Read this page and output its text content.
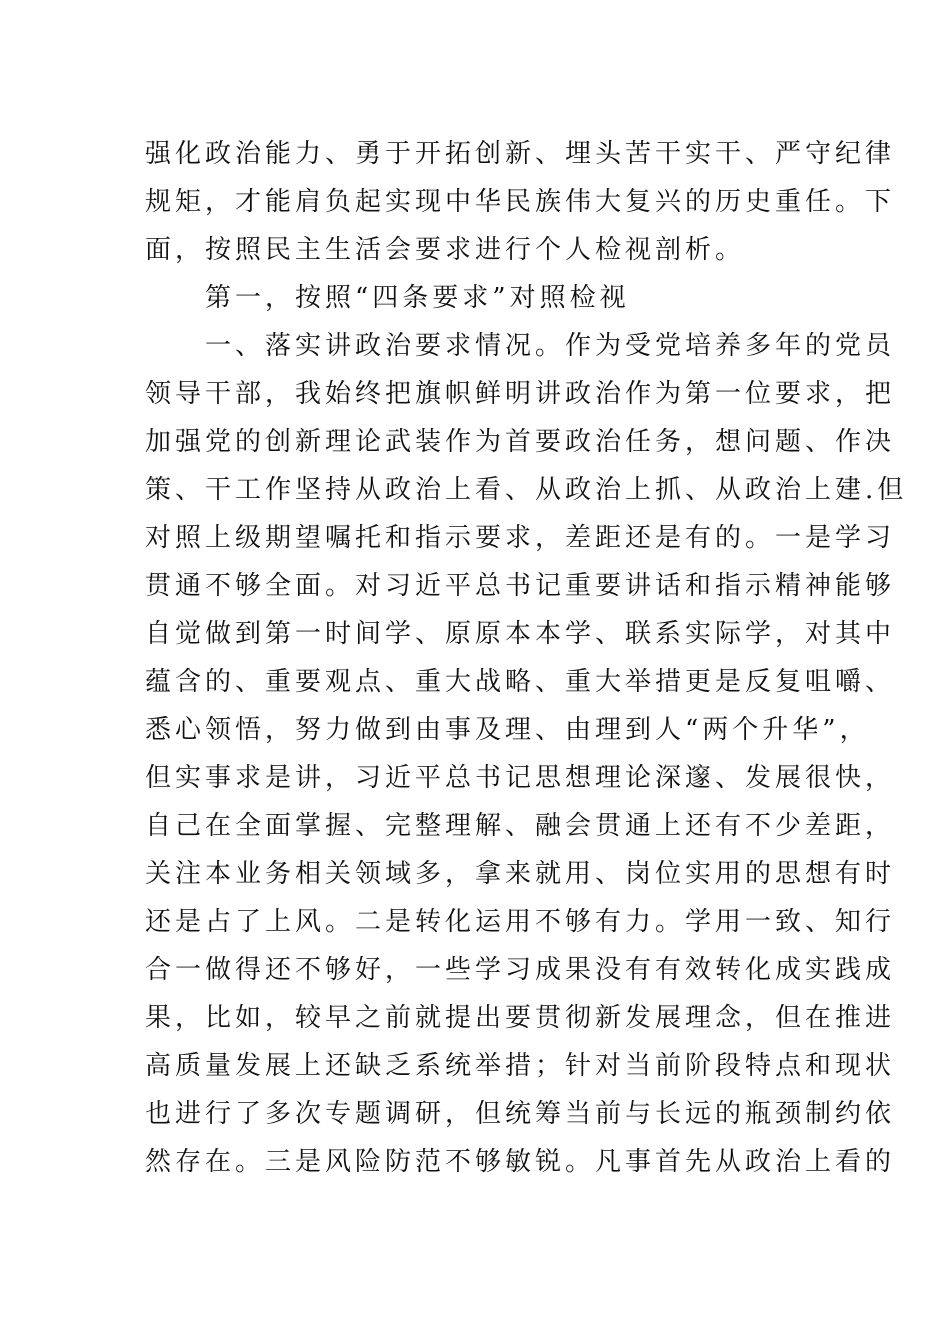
强化政治能力、勇于开拓创新、埋头苦干实干、严守纪律
规矩，才能肩负起实现中华民族伟大复兴的历史重任。下
面，按照民主生活会要求进行个人检视剖析。
第一，按照“四条要求”对照检视
一、落实讲政治要求情况。作为受党培养多年的党员
领导干部，我始终把旗帜鲜明讲政治作为第一位要求，把
加强党的创新理论武装作为首要政治任务，想问题、作决
策、干工作坚持从政治上看、从政治上抓、从政治上建.但
对照上级期望嘱托和指示要求，差距还是有的。一是学习
贯通不够全面。对习近平总书记重要讲话和指示精神能够
自觉做到第一时间学、原原本本学、联系实际学，对其中
蕴含的、重要观点、重大战略、重大举措更是反复咀嚼、
悉心领悟，努力做到由事及理、由理到人“两个升华”，
但实事求是讲，习近平总书记思想理论深邃、发展很快，
自己在全面掌握、完整理解、融会贯通上还有不少差距，
关注本业务相关领域多，拿来就用、岗位实用的思想有时
还是占了上风。二是转化运用不够有力。学用一致、知行
合一做得还不够好，一些学习成果没有有效转化成实践成
果，比如，较早之前就提出要贯彻新发展理念，但在推进
高质量发展上还缺乏系统举措；针对当前阶段特点和现状
也进行了多次专题调研，但统筹当前与长远的瓶颈制约依
然存在。三是风险防范不够敏锐。凡事首先从政治上看的
